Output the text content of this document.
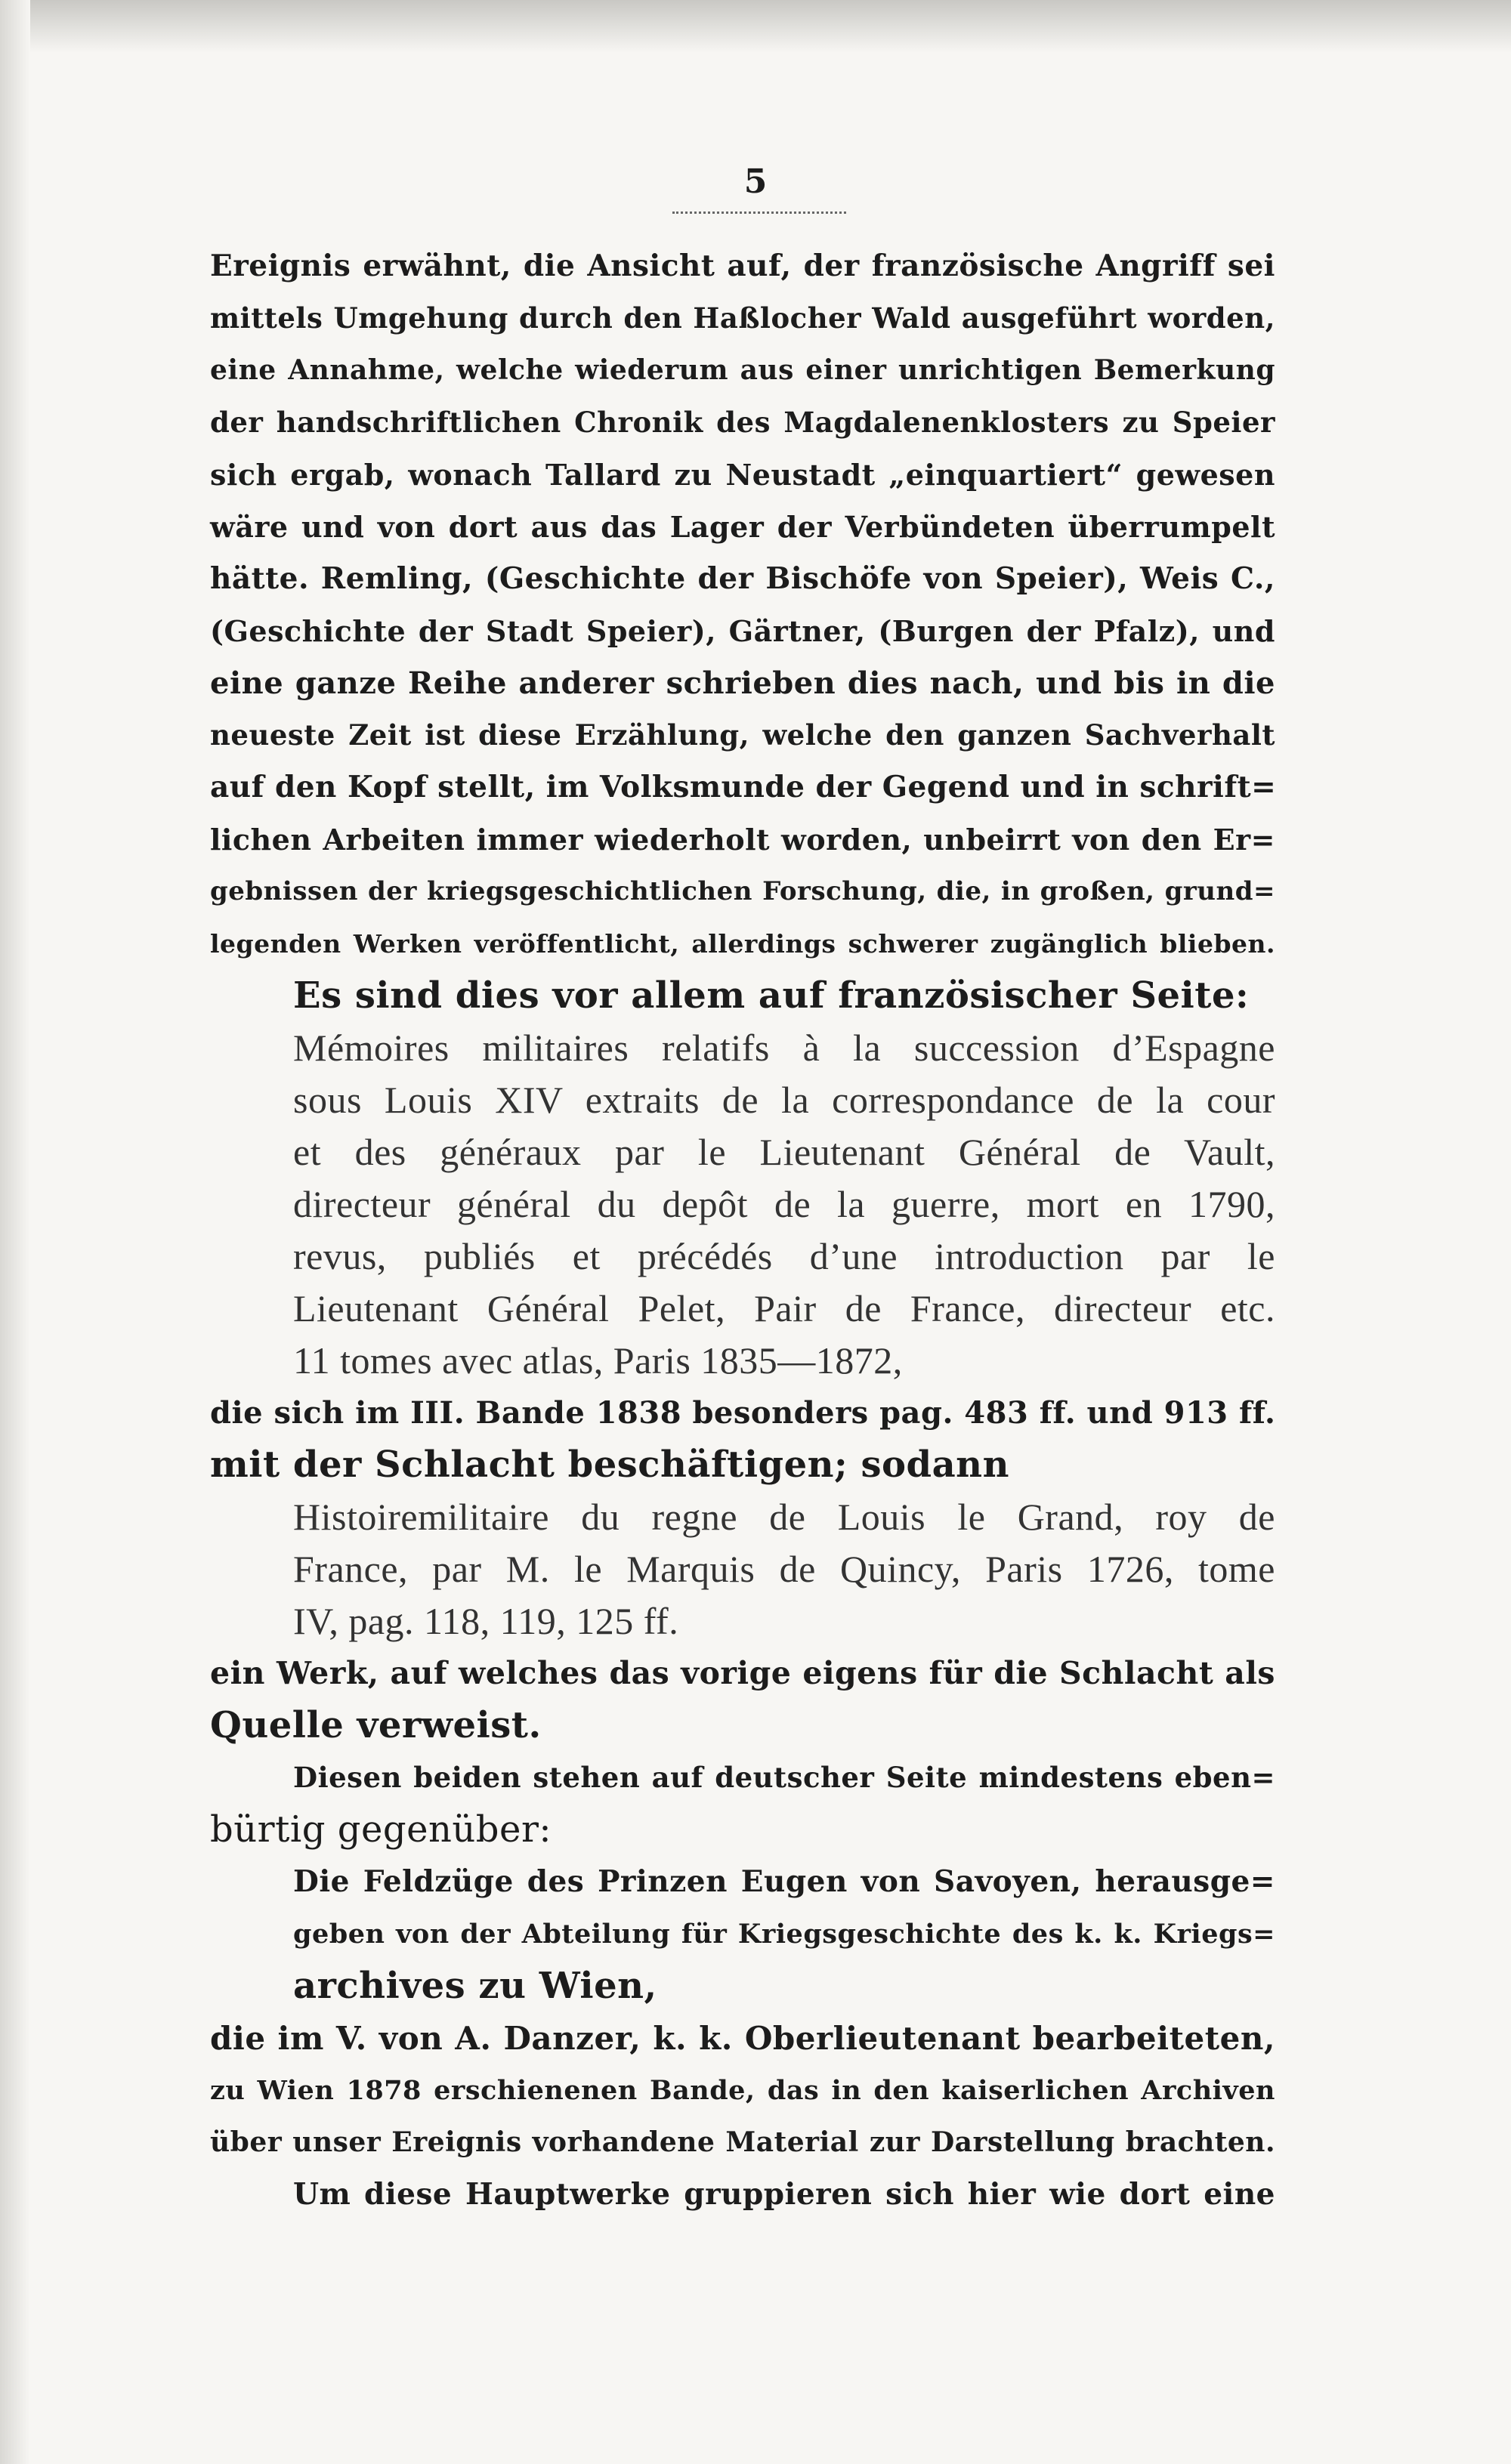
5
Ereignis erwähnt, die Ansicht auf, der französische Angriff sei
mittels Umgehung durch den Haßlocher Wald ausgeführt worden,
eine Annahme, welche wiederum aus einer unrichtigen Bemerkung
der handschriftlichen Chronik des Magdalenenklosters zu Speier
sich ergab, wonach Tallard zu Neustadt „einquartiert“ gewesen
wäre und von dort aus das Lager der Verbündeten überrumpelt
hätte. Remling, (Geschichte der Bischöfe von Speier), Weis C.,
(Geschichte der Stadt Speier), Gärtner, (Burgen der Pfalz), und
eine ganze Reihe anderer schrieben dies nach, und bis in die
neueste Zeit ist diese Erzählung, welche den ganzen Sachverhalt
auf den Kopf stellt, im Volksmunde der Gegend und in schrift=
lichen Arbeiten immer wiederholt worden, unbeirrt von den Er=
gebnissen der kriegsgeschichtlichen Forschung, die, in großen, grund=
legenden Werken veröffentlicht, allerdings schwerer zugänglich blieben.
Es sind dies vor allem auf französischer Seite:
Mémoires militaires relatifs à la succession d’Espagne
sous Louis XIV extraits de la correspondance de la cour
et des généraux par le Lieutenant Général de Vault,
directeur général du depôt de la guerre, mort en 1790,
revus, publiés et précédés d’une introduction par le
Lieutenant Général Pelet, Pair de France, directeur etc.
11 tomes avec atlas, Paris 1835—1872,
die sich im III. Bande 1838 besonders pag. 483 ff. und 913 ff.
mit der Schlacht beschäftigen; sodann
Histoiremilitaire du regne de Louis le Grand, roy de
France, par M. le Marquis de Quincy, Paris 1726, tome
IV, pag. 118, 119, 125 ff.
ein Werk, auf welches das vorige eigens für die Schlacht als
Quelle verweist.
Diesen beiden stehen auf deutscher Seite mindestens eben=
bürtig gegenüber:
Die Feldzüge des Prinzen Eugen von Savoyen, herausge=
geben von der Abteilung für Kriegsgeschichte des k. k. Kriegs=
archives zu Wien,
die im V. von A. Danzer, k. k. Oberlieutenant bearbeiteten,
zu Wien 1878 erschienenen Bande, das in den kaiserlichen Archiven
über unser Ereignis vorhandene Material zur Darstellung brachten.
Um diese Hauptwerke gruppieren sich hier wie dort eine
